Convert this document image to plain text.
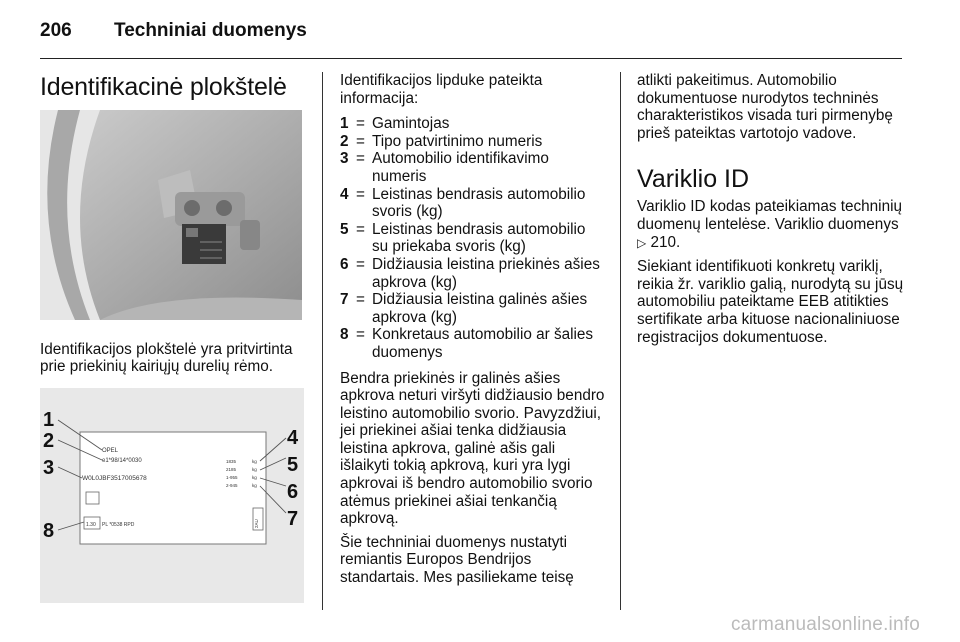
206 Techniniai duomenys
Identifikacinė plokštelė

Identifikacijos plokštelė yra pritvirtinta prie priekinių kairiųjų durelių rėmo.

OPEL
e1*98/14*0030
W0L0JBF3517005678
1835
2185
1-955
2-945
kg
kg
kg
kg
1.30 PL *0538 RPD	2AU
1
2
3
4
5
6
7
8

Identifikacijos lipduke pateikta informacija:

1 = Gamintojas
2 = Tipo patvirtinimo numeris
3 = Automobilio identifikavimo numeris
4 = Leistinas bendrasis automobilio svoris (kg)
5 = Leistinas bendrasis automobilio su priekaba svoris (kg)
6 = Didžiausia leistina priekinės ašies apkrova (kg)
7 = Didžiausia leistina galinės ašies apkrova (kg)
8 = Konkretaus automobilio ar šalies duomenys

Bendra priekinės ir galinės ašies apkrova neturi viršyti didžiausio bendro leistino automobilio svorio. Pavyzdžiui, jei priekinei ašiai tenka didžiausia leistina apkrova, galinė ašis gali išlaikyti tokią apkrovą, kuri yra lygi apkrovai iš bendro automobilio svorio atėmus priekinei ašiai tenkančią apkrovą.

Šie techniniai duomenys nustatyti remiantis Europos Bendrijos standartais. Mes pasiliekame teisę

atlikti pakeitimus. Automobilio dokumentuose nurodytos techninės charakteristikos visada turi pirmenybę prieš pateiktas vartotojo vadove.

Variklio ID

Variklio ID kodas pateikiamas techninių duomenų lentelėse. Variklio duomenys ▷ 210.

Siekiant identifikuoti konkretų variklį, reikia žr. variklio galią, nurodytą su jūsų automobiliu pateiktame EEB atitikties sertifikate arba kituose nacionaliniuose registracijos dokumentuose.

carmanualsonline.info
